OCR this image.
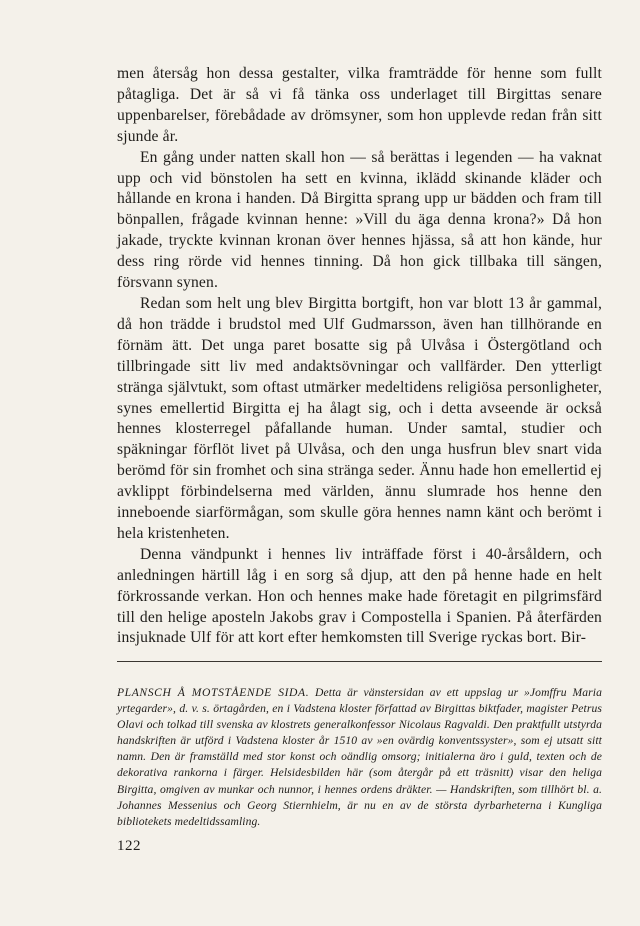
men återsåg hon dessa gestalter, vilka framträdde för henne som fullt påtagliga. Det är så vi få tänka oss underlaget till Birgittas senare uppenbarelser, förebådade av drömsyner, som hon upplevde redan från sitt sjunde år.

En gång under natten skall hon — så berättas i legenden — ha vaknat upp och vid bönstolen ha sett en kvinna, iklädd skinande kläder och hållande en krona i handen. Då Birgitta sprang upp ur bädden och fram till bönpallen, frågade kvinnan henne: »Vill du äga denna krona?» Då hon jakade, tryckte kvinnan kronan över hennes hjässa, så att hon kände, hur dess ring rörde vid hennes tinning. Då hon gick tillbaka till sängen, försvann synen.

Redan som helt ung blev Birgitta bortgift, hon var blott 13 år gammal, då hon trädde i brudstol med Ulf Gudmarsson, även han tillhörande en förnäm ätt. Det unga paret bosatte sig på Ulvåsa i Östergötland och tillbringade sitt liv med andaktsövningar och vallfärder. Den ytterligt stränga självtukt, som oftast utmärker medeltidens religiösa personligheter, synes emellertid Birgitta ej ha ålagt sig, och i detta avseende är också hennes klosterregel påfallande human. Under samtal, studier och späkningar förflöt livet på Ulvåsa, och den unga husfrun blev snart vida berömd för sin fromhet och sina stränga seder. Ännu hade hon emellertid ej avklippt förbindelserna med världen, ännu slumrade hos henne den inneboende siarförmågan, som skulle göra hennes namn känt och berömt i hela kristenheten.

Denna vändpunkt i hennes liv inträffade först i 40-årsåldern, och anledningen härtill låg i en sorg så djup, att den på henne hade en helt förkrossande verkan. Hon och hennes make hade företagit en pilgrimsfärd till den helige aposteln Jakobs grav i Compostella i Spanien. På återfärden insjuknade Ulf för att kort efter hemkomsten till Sverige ryckas bort. Bir-

PLANSCH Å MOTSTÅENDE SIDA. Detta är vänstersidan av ett uppslag ur »Jomffru Maria yrtegarder», d. v. s. örtagården, en i Vadstena kloster författad av Birgittas biktfader, magister Petrus Olavi och tolkad till svenska av klostrets generalkonfessor Nicolaus Ragvaldi. Den praktfullt utstyrda handskriften är utförd i Vadstena kloster år 1510 av »en ovärdig konventssyster», som ej utsatt sitt namn. Den är framställd med stor konst och oändlig omsorg; initialerna äro i guld, texten och de dekorativa rankorna i färger. Helsidesbilden här (som återgår på ett träsnitt) visar den heliga Birgitta, omgiven av munkar och nunnor, i hennes ordens dräkter. — Handskriften, som tillhört bl. a. Johannes Messenius och Georg Stiernhielm, är nu en av de största dyrbarheterna i Kungliga bibliotekets medeltidssamling.
122
